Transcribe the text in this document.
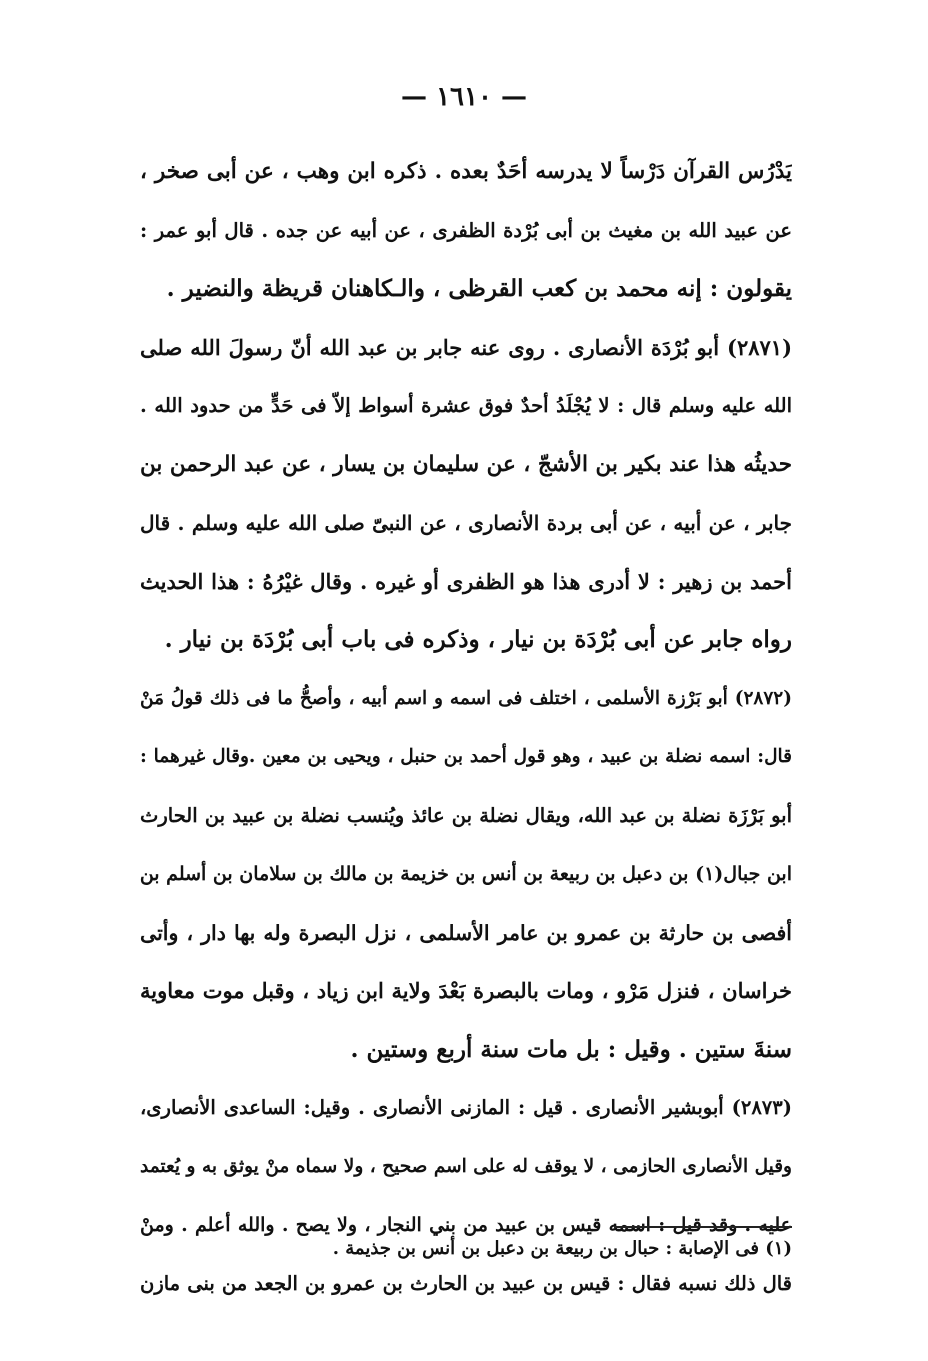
— ١٦١٠ —
يَدْرُس القرآن دَرْساً لا يدرسه أحَدٌ بعده . ذكره ابن وهب ، عن أبى صخر ،
عن عبيد الله بن مغيث بن أبى بُرْدة الظفرى ، عن أبيه عن جده . قال أبو عمر :
يقولون : إنه محمد بن كعب القرظى ، والـكاهنان قريظة والنضير .
(٢٨٧١) أبو بُرْدَة الأنصارى . روى عنه جابر بن عبد الله أنّ رسولَ الله صلى
الله عليه وسلم قال : لا يُجْلَدُ أحدٌ فوق عشرة أسواط إلاّ فى حَدٍّ من حدود الله .
حديثُه هذا عند بكير بن الأشجّ ، عن سليمان بن يسار ، عن عبد الرحمن بن
جابر ، عن أبيه ، عن أبى بردة الأنصارى ، عن النبىّ صلى الله عليه وسلم . قال
أحمد بن زهير : لا أدرى هذا هو الظفرى أو غيره . وقال غيْرُهُ : هذا الحديث
رواه جابر عن أبى بُرْدَة بن نيار ، وذكره فى باب أبى بُرْدَة بن نيار .
(٢٨٧٢) أبو بَرْزة الأسلمى ، اختلف فى اسمه و اسم أبيه ، وأصحُّ ما فى ذلك قولُ مَنْ
قال: اسمه نضلة بن عبيد ، وهو قول أحمد بن حنبل ، ويحيى بن معين .وقال غيرهما :
أبو بَرْزَة نضلة بن عبد الله، ويقال نضلة بن عائذ ويُنسب نضلة بن عبيد بن الحارث
ابن جبال(١) بن دعبل بن ربيعة بن أنس بن خزيمة بن مالك بن سلامان بن أسلم بن
أفصى بن حارثة بن عمرو بن عامر الأسلمى ، نزل البصرة وله بها دار ، وأتى
خراسان ، فنزل مَرْو ، ومات بالبصرة بَعْدَ ولاية ابن زياد ، وقبل موت معاوية
سنةَ ستين . وقيل : بل مات سنة أربع وستين .
(٢٨٧٣) أبوبشير الأنصارى . قيل : المازنى الأنصارى . وقيل: الساعدى الأنصارى،
وقيل الأنصارى الحازمى ، لا يوقف له على اسم صحيح ، ولا سماه منْ يوثق به و يُعتمد
عليه . وقد قيل : اسمه قيس بن عبيد من بني النجار ، ولا يصح . والله أعلم . ومنْ
قال ذلك نسبه فقال : قيس بن عبيد بن الحارث بن عمرو بن الجعد من بنى مازن
(١) فى الإصابة : حبال بن ربيعة بن دعبل بن أنس بن جذيمة .
